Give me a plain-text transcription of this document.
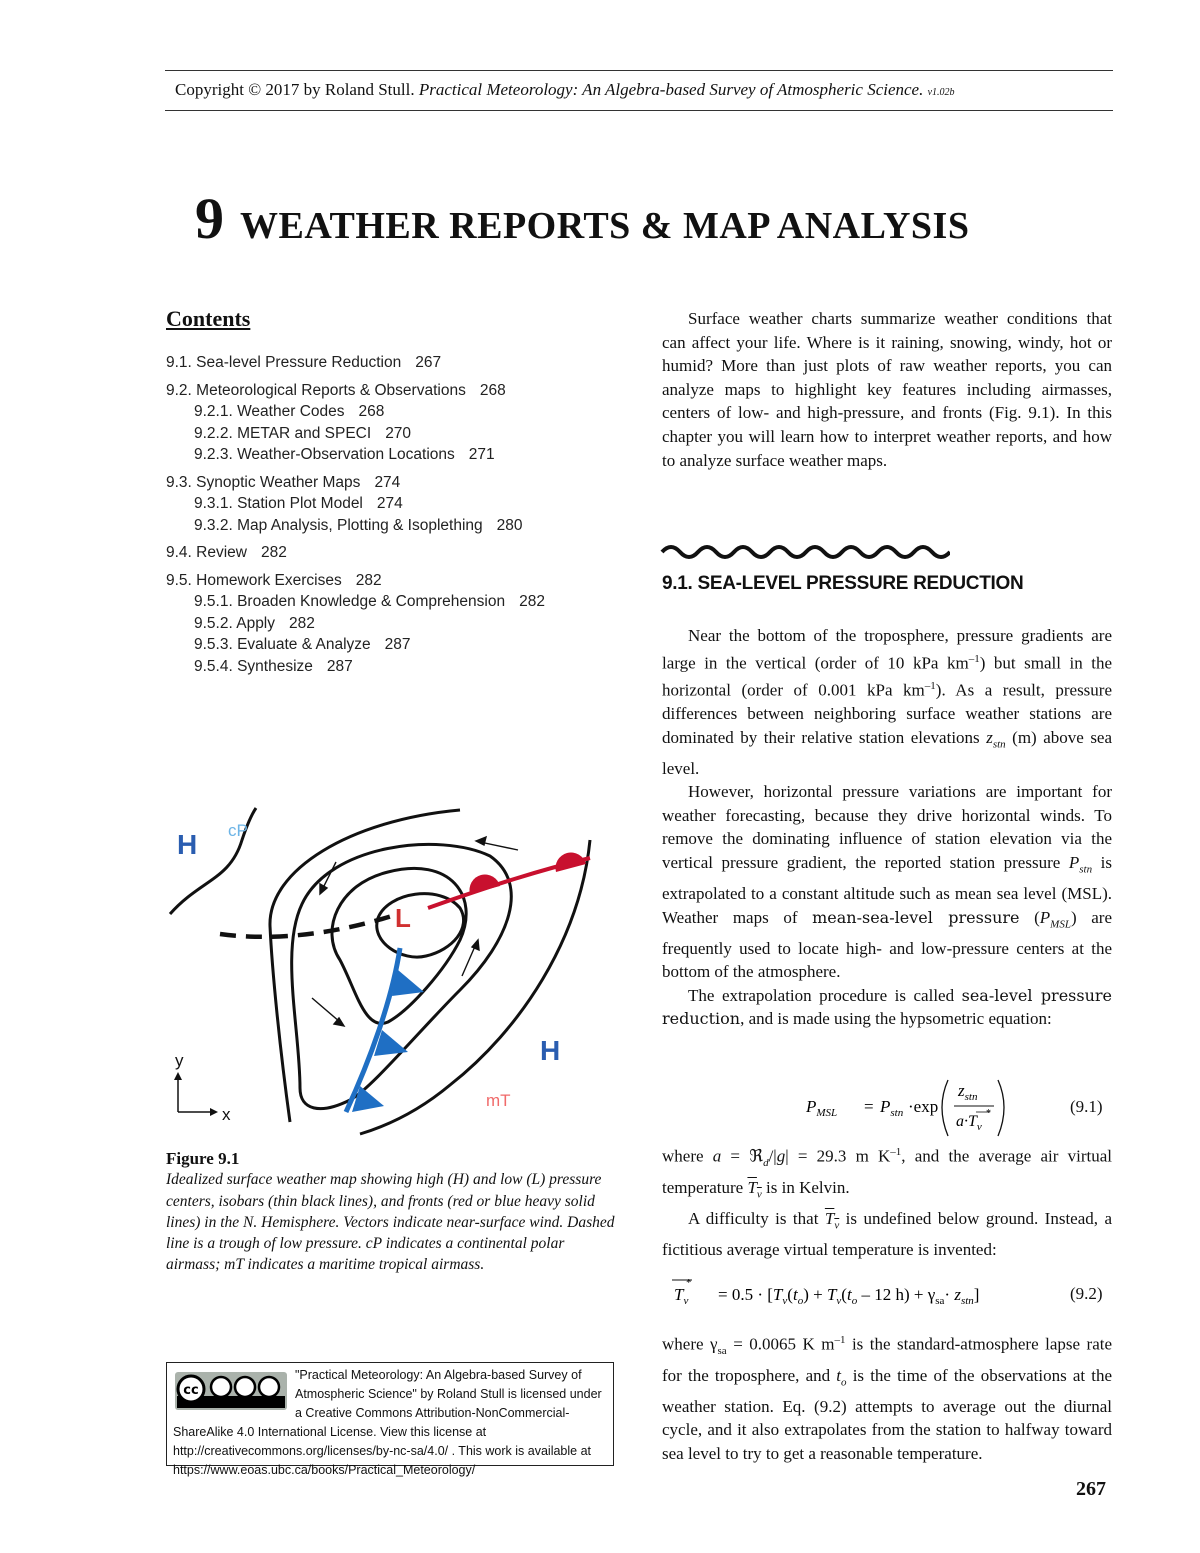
Copyright © 2017 by Roland Stull. Practical Meteorology: An Algebra-based Survey of Atmospheric Science. v1.02b
9 WEATHER REPORTS & MAP ANALYSIS
Contents
9.1. Sea-level Pressure Reduction 267
9.2. Meteorological Reports & Observations 268
9.2.1. Weather Codes 268
9.2.2. METAR and SPECI 270
9.2.3. Weather-Observation Locations 271
9.3. Synoptic Weather Maps 274
9.3.1. Station Plot Model 274
9.3.2. Map Analysis, Plotting & Isoplething 280
9.4. Review 282
9.5. Homework Exercises 282
9.5.1. Broaden Knowledge & Comprehension 282
9.5.2. Apply 282
9.5.3. Evaluate & Analyze 287
9.5.4. Synthesize 287

Surface weather charts summarize weather conditions that can affect your life. Where is it raining, snowing, windy, hot or humid? More than just plots of raw weather reports, you can analyze maps to highlight key features including airmasses, centers of low- and high-pressure, and fronts (Fig. 9.1). In this chapter you will learn how to interpret weather reports, and how to analyze surface weather maps.

9.1. SEA-LEVEL PRESSURE REDUCTION

Near the bottom of the troposphere, pressure gradients are large in the vertical (order of 10 kPa $km^{-1}$) but small in the horizontal (order of 0.001 kPa $km^{-1}$). As a result, pressure differences between neighboring surface weather stations are dominated by their relative station elevations $z_{stn}$ (m) above sea level.

However, horizontal pressure variations are important for weather forecasting, because they drive horizontal winds. To remove the dominating influence of station elevation via the vertical pressure gradient, the reported station pressure $P_{stn}$ is extrapolated to a constant altitude such as mean sea level (MSL). Weather maps of mean-sea-level pressure $(P_{MSL})$ are frequently used to locate high- and low-pressure centers at the bottom of the atmosphere.

The extrapolation procedure is called sea-level pressure reduction, and is made using the hypsometric equation:

$P_{MSL} = P_{stn} \cdot\exp$
$z_{stn}$
$a\cdot T_v$
*	(9.1)

where a = ℜ$_d$/|g| = 29.3 m $K^{-1}$, and the average air virtual temperature $T_v$ is in Kelvin.

A difficulty is that $T_v$ is undefined below ground. Instead, a fictitious average virtual temperature is invented:

$T_v$
*
= $0.5 \cdot [T_v(t_o) + T_v(t_o - 12$ $h) + \gamma_{sa}\cdot z_{stn}$]	(9.2)

where $\gamma_{sa} = 0.0065$ K $m^{-1}$ is the standard-atmosphere lapse rate for the troposphere, and $t_o$ is the time of the observations at the weather station. Eq. (9.2) attempts to average out the diurnal cycle, and it also extrapolates from the station to halfway toward sea level to try to get a reasonable temperature.

H
H
L
cP
mT
y
x
Figure 9.1
Idealized surface weather map showing high (H) and low (L) pressure centers, isobars (thin black lines), and fronts (red or blue heavy solid lines) in the N. Hemisphere. Vectors indicate near-surface wind. Dashed line is a trough of low pressure. cP indicates a continental polar airmass; mT indicates a maritime tropical airmass.
cc
"Practical Meteorology: An Algebra-based Survey of Atmospheric Science" by Roland Stull is licensed under a Creative Commons Attribution-NonCommercial-ShareAlike 4.0 International License. View this license at http://creativecommons.org/licenses/by-nc-sa/4.0/ . This work is available at https://www.eoas.ubc.ca/books/Practical_Meteorology/
267
